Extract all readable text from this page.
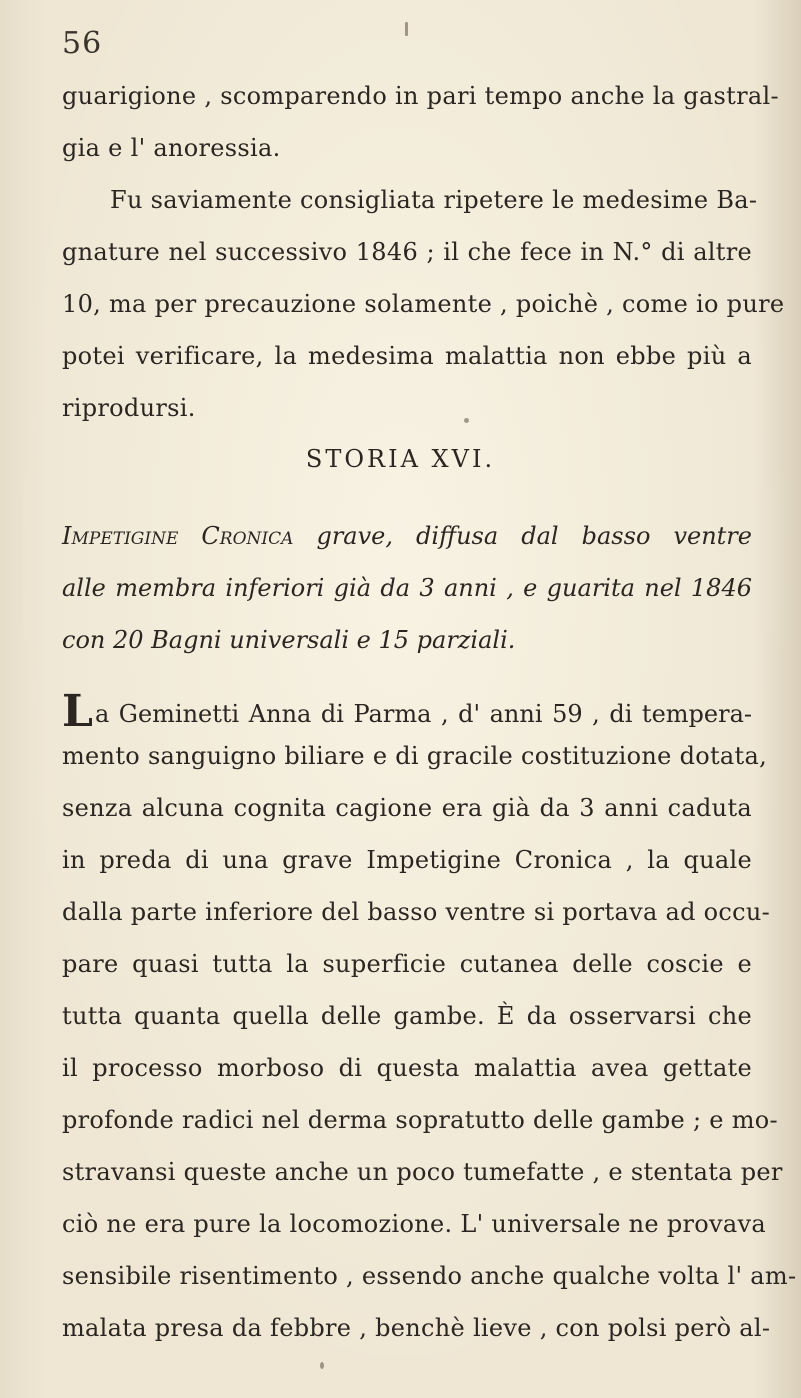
56
guarigione , scomparendo in pari tempo anche la gastral-
gia e l' anoressia.
Fu saviamente consigliata ripetere le medesime Ba-
gnature nel successivo 1846 ; il che fece in N.° di altre
10, ma per precauzione solamente , poichè , come io pure
potei verificare, la medesima malattia non ebbe più a
riprodursi.
STORIA XVI.
Impetigine Cronica grave, diffusa dal basso ventre
alle membra inferiori già da 3 anni , e guarita nel 1846
con 20 Bagni universali e 15 parziali.
La Geminetti Anna di Parma , d' anni 59 , di tempera-
mento sanguigno biliare e di gracile costituzione dotata,
senza alcuna cognita cagione era già da 3 anni caduta
in preda di una grave Impetigine Cronica , la quale
dalla parte inferiore del basso ventre si portava ad occu-
pare quasi tutta la superficie cutanea delle coscie e
tutta quanta quella delle gambe. È da osservarsi che
il processo morboso di questa malattia avea gettate
profonde radici nel derma sopratutto delle gambe ; e mo-
stravansi queste anche un poco tumefatte , e stentata per
ciò ne era pure la locomozione. L' universale ne provava
sensibile risentimento , essendo anche qualche volta l' am-
malata presa da febbre , benchè lieve , con polsi però al-
